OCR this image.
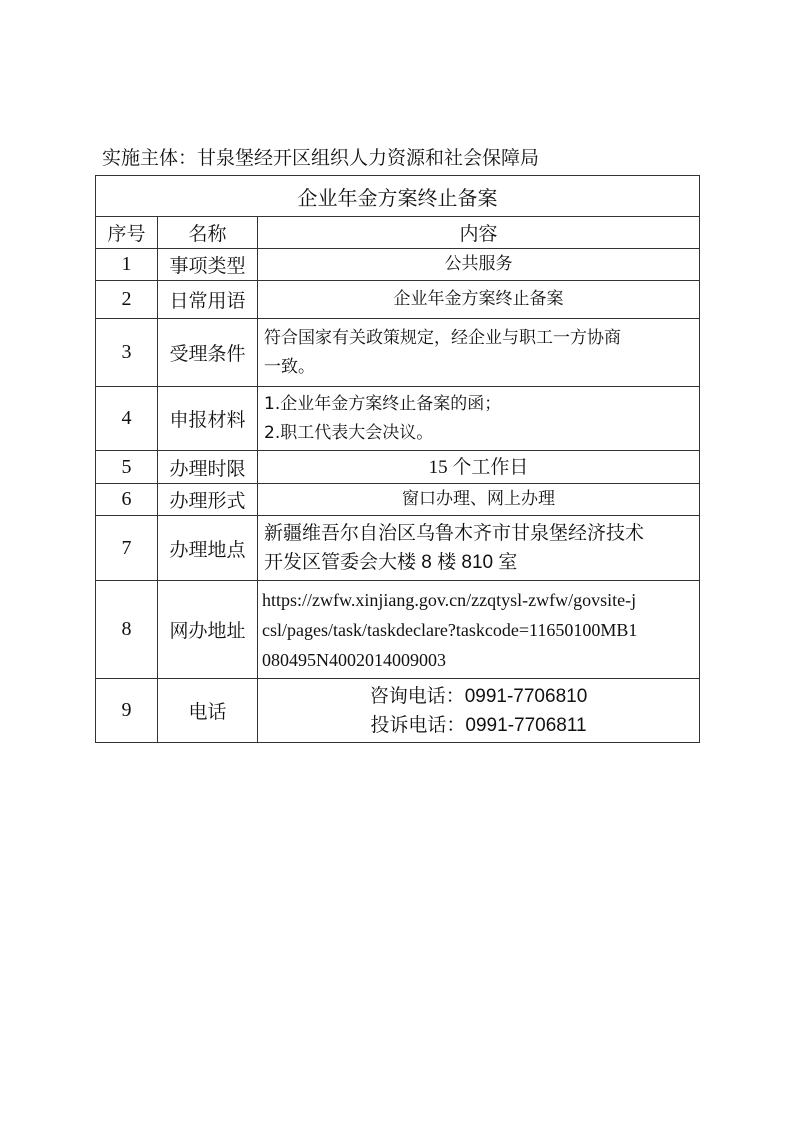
实施主体：甘泉堡经开区组织人力资源和社会保障局
企业年金方案终止备案		
序号	名称	内容
1	事项类型	公共服务

2	日常用语	企业年金方案终止备案

3	受理条件	符合国家有关政策规定，经企业与职工一方协商
一致。

4	申报材料	1.企业年金方案终止备案的函；
2.职工代表大会决议。

5	办理时限	15 个工作日

6	办理形式	窗口办理、网上办理

7	办理地点	新疆维吾尔自治区乌鲁木齐市甘泉堡经济技术
开发区管委会大楼 8 楼 810 室

8	网办地址	https://zwfw.xinjiang.gov.cn/zzqtysl-zwfw/govsite-j
csl/pages/task/taskdeclare?taskcode=11650100MB1
080495N4002014009003

9	电话	咨询电话：0991-7706810
投诉电话：0991-7706811
